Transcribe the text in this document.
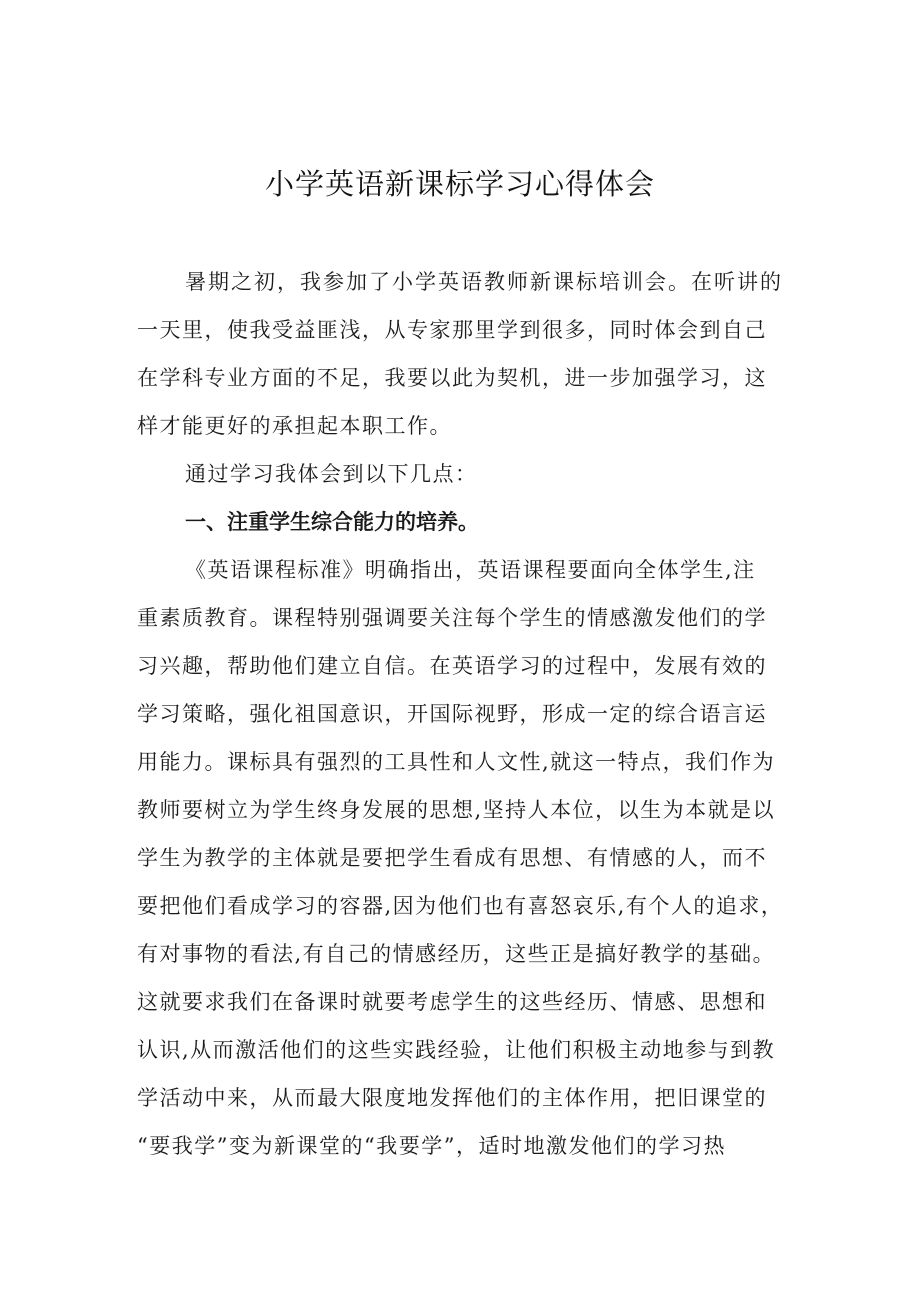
小学英语新课标学习心得体会
暑期之初，我参加了小学英语教师新课标培训会。在听讲的
一天里，使我受益匪浅，从专家那里学到很多，同时体会到自己
在学科专业方面的不足，我要以此为契机，进一步加强学习，这
样才能更好的承担起本职工作。
通过学习我体会到以下几点：
一、注重学生综合能力的培养。
《英语课程标准》明确指出，英语课程要面向全体学生,注
重素质教育。课程特别强调要关注每个学生的情感激发他们的学
习兴趣，帮助他们建立自信。在英语学习的过程中，发展有效的
学习策略，强化祖国意识，开国际视野，形成一定的综合语言运
用能力。课标具有强烈的工具性和人文性,就这一特点，我们作为
教师要树立为学生终身发展的思想,坚持人本位，以生为本就是以
学生为教学的主体就是要把学生看成有思想、有情感的人，而不
要把他们看成学习的容器,因为他们也有喜怒哀乐,有个人的追求，
有对事物的看法,有自己的情感经历，这些正是搞好教学的基础。
这就要求我们在备课时就要考虑学生的这些经历、情感、思想和
认识,从而激活他们的这些实践经验，让他们积极主动地参与到教
学活动中来，从而最大限度地发挥他们的主体作用，把旧课堂的
“要我学”变为新课堂的“我要学”，适时地激发他们的学习热
